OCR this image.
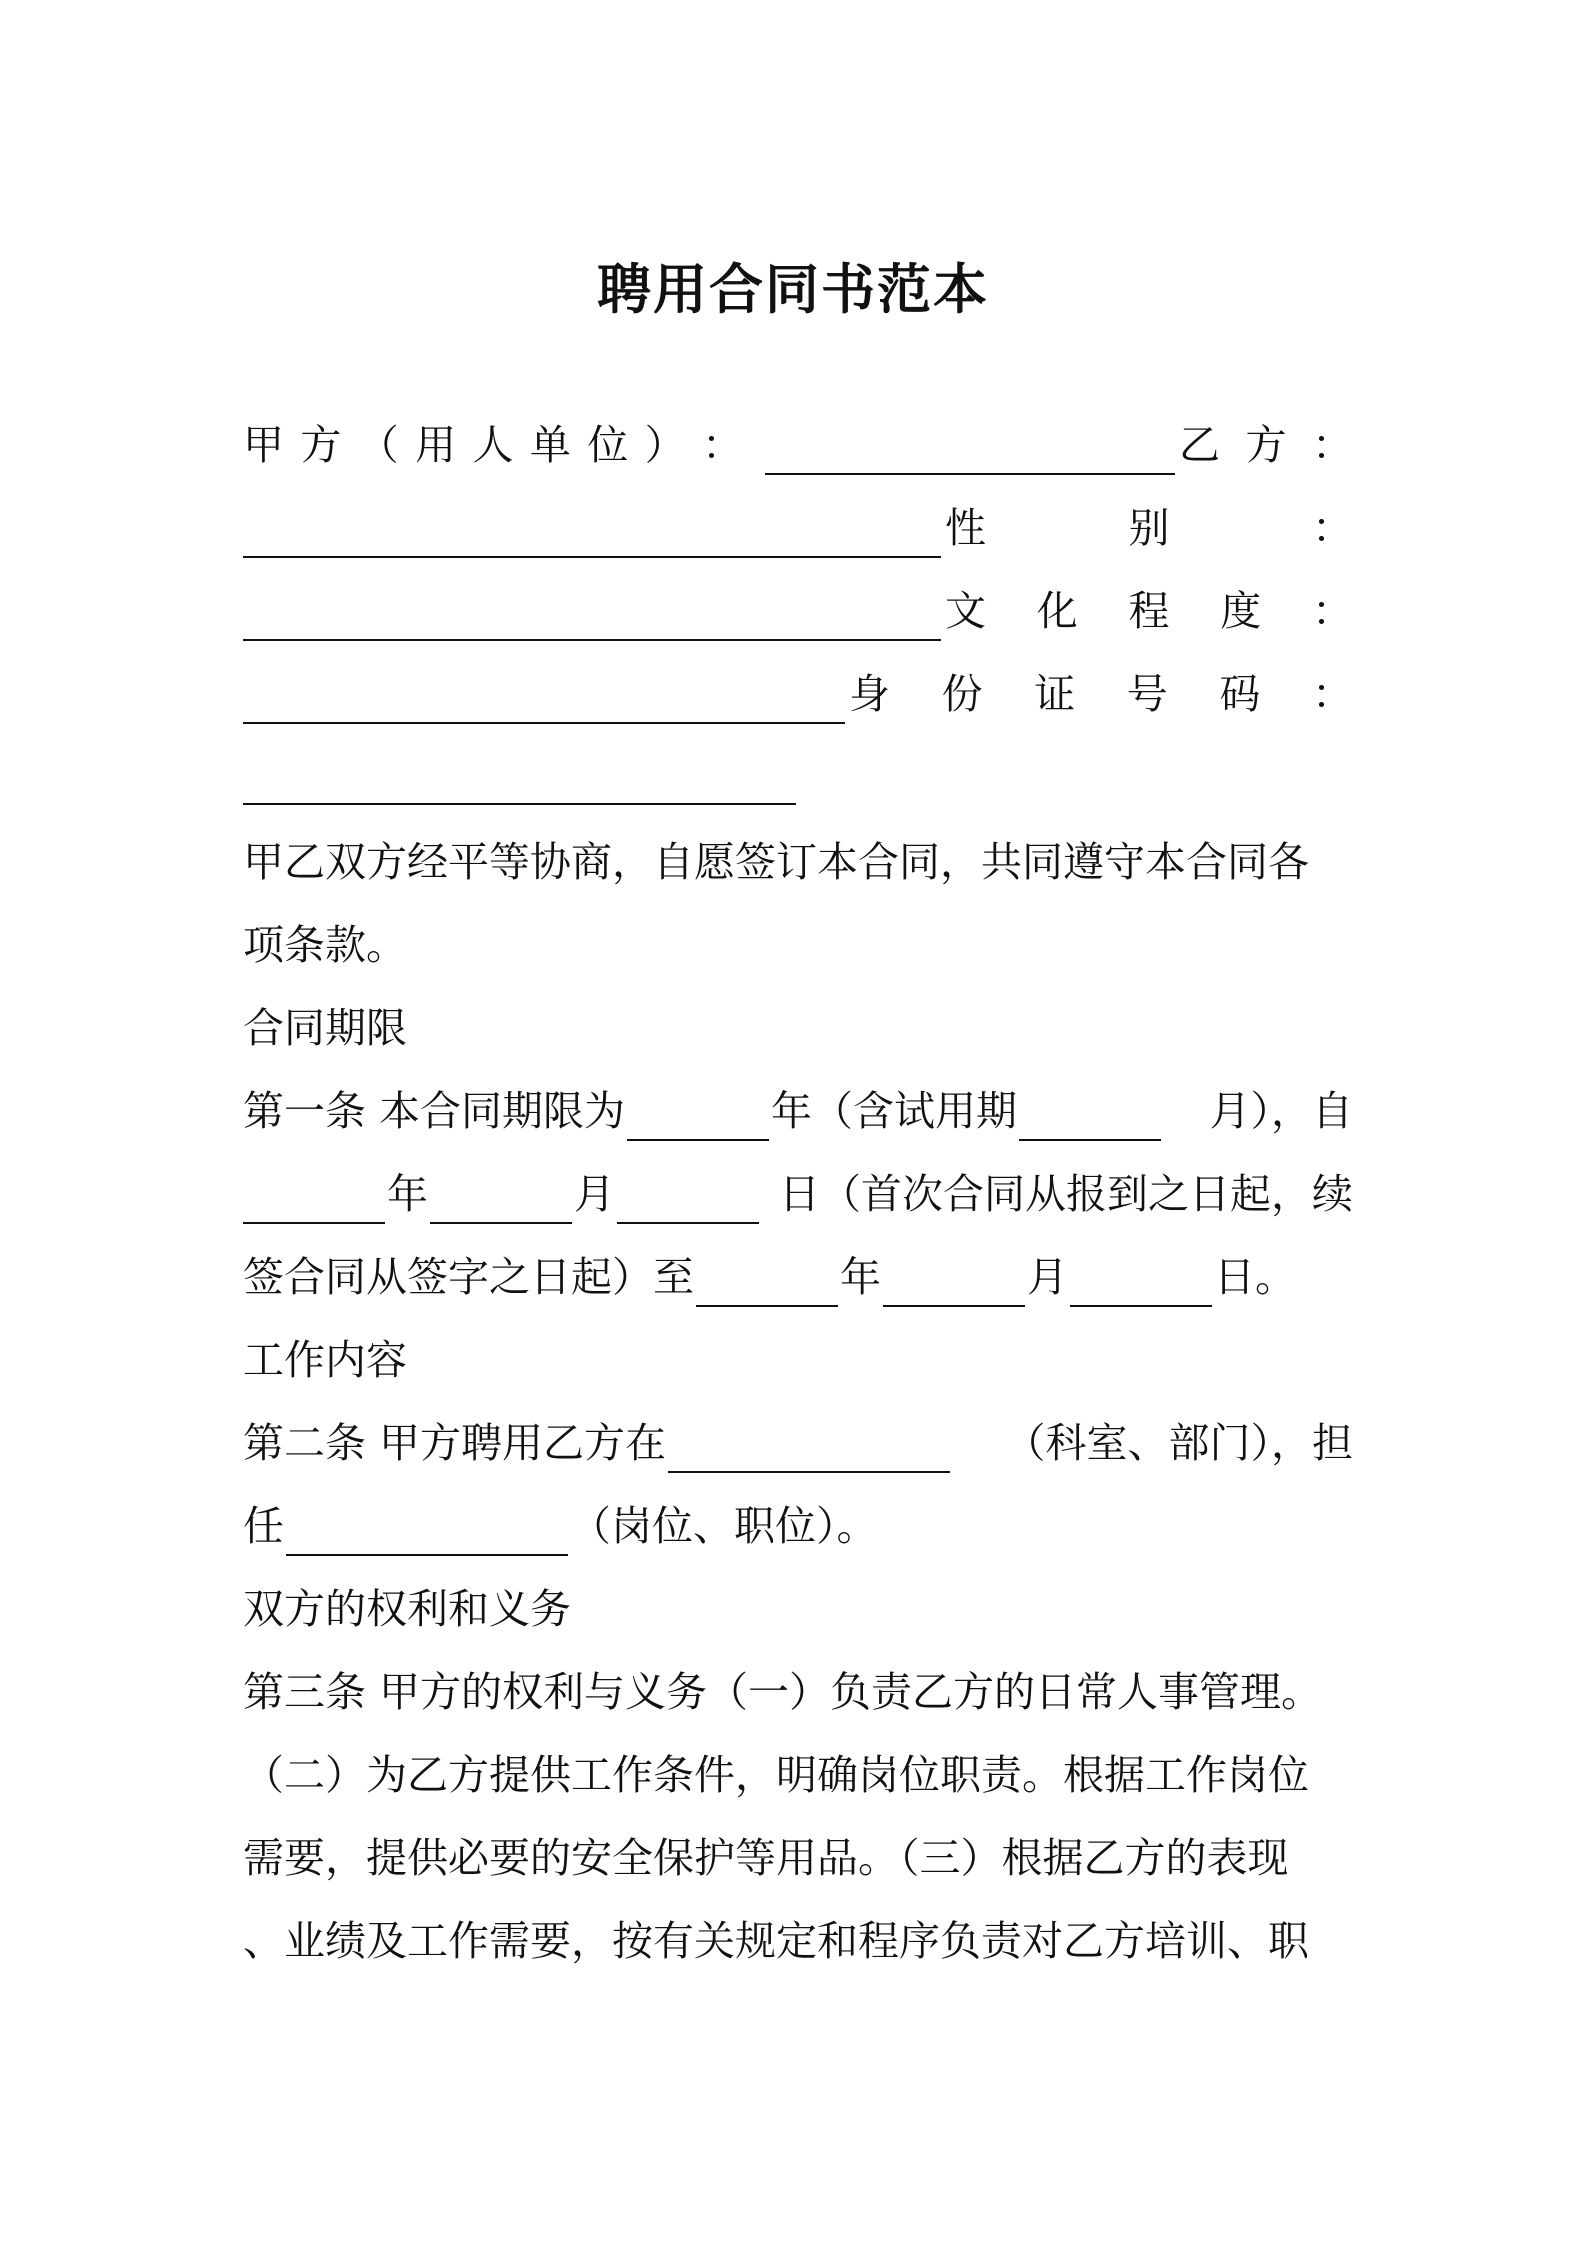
聘用合同书范本
甲 方 （ 用 人 单 位 ） ：	乙 方 ：
性	别	：
文 化 程 度 ：
身 份 证 号 码 ：
甲乙双方经平等协商，自愿签订本合同，共同遵守本合同各
项条款。
合同期限
第一条 本合同期限为	年（含试用期	月），自
年	月	日（首次合同从报到之日起，续
签合同从签字之日起）至	年	月	日。
工作内容
第二条 甲方聘用乙方在	（科室、部门），担
任	（岗位、职位）。
双方的权利和义务
第三条 甲方的权利与义务（一）负责乙方的日常人事管理。
（二）为乙方提供工作条件，明确岗位职责。根据工作岗位
需要，提供必要的安全保护等用品。（三）根据乙方的表现
、业绩及工作需要，按有关规定和程序负责对乙方培训、职
